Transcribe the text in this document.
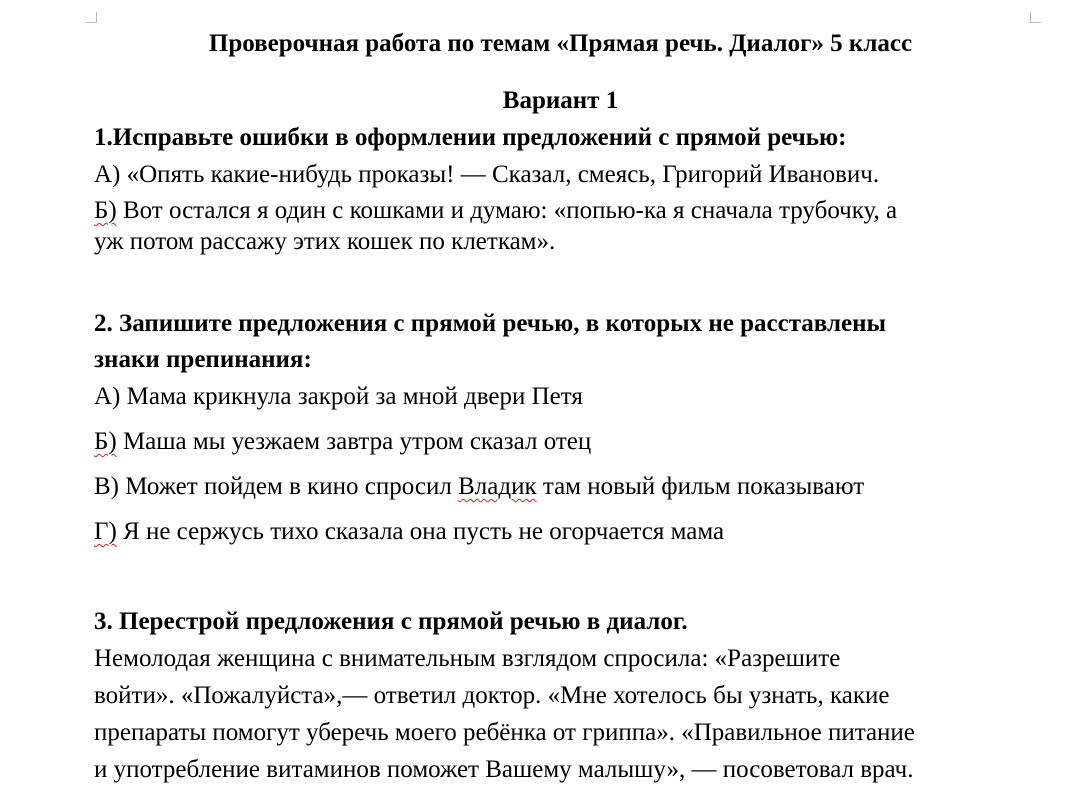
Проверочная работа по темам «Прямая речь. Диалог» 5 класс
Вариант 1
1.Исправьте ошибки в оформлении предложений с прямой речью:
А) «Опять какие-нибудь проказы! — Сказал, смеясь, Григорий Иванович.
Б) Вот остался я один с кошками и думаю: «попью-ка я сначала трубочку, а
уж потом рассажу этих кошек по клеткам».
2. Запишите предложения с прямой речью, в которых не расставлены
знаки препинания:
А) Мама крикнула закрой за мной двери Петя
Б) Маша мы уезжаем завтра утром сказал отец
В) Может пойдем в кино спросил Владик там новый фильм показывают
Г) Я не сержусь тихо сказала она пусть не огорчается мама
3. Перестрой предложения с прямой речью в диалог.
Немолодая женщина с внимательным взглядом спросила: «Разрешите
войти». «Пожалуйста»,— ответил доктор. «Мне хотелось бы узнать, какие
препараты помогут уберечь моего ребёнка от гриппа». «Правильное питание
и употребление витаминов поможет Вашему малышу», — посоветовал врач.
